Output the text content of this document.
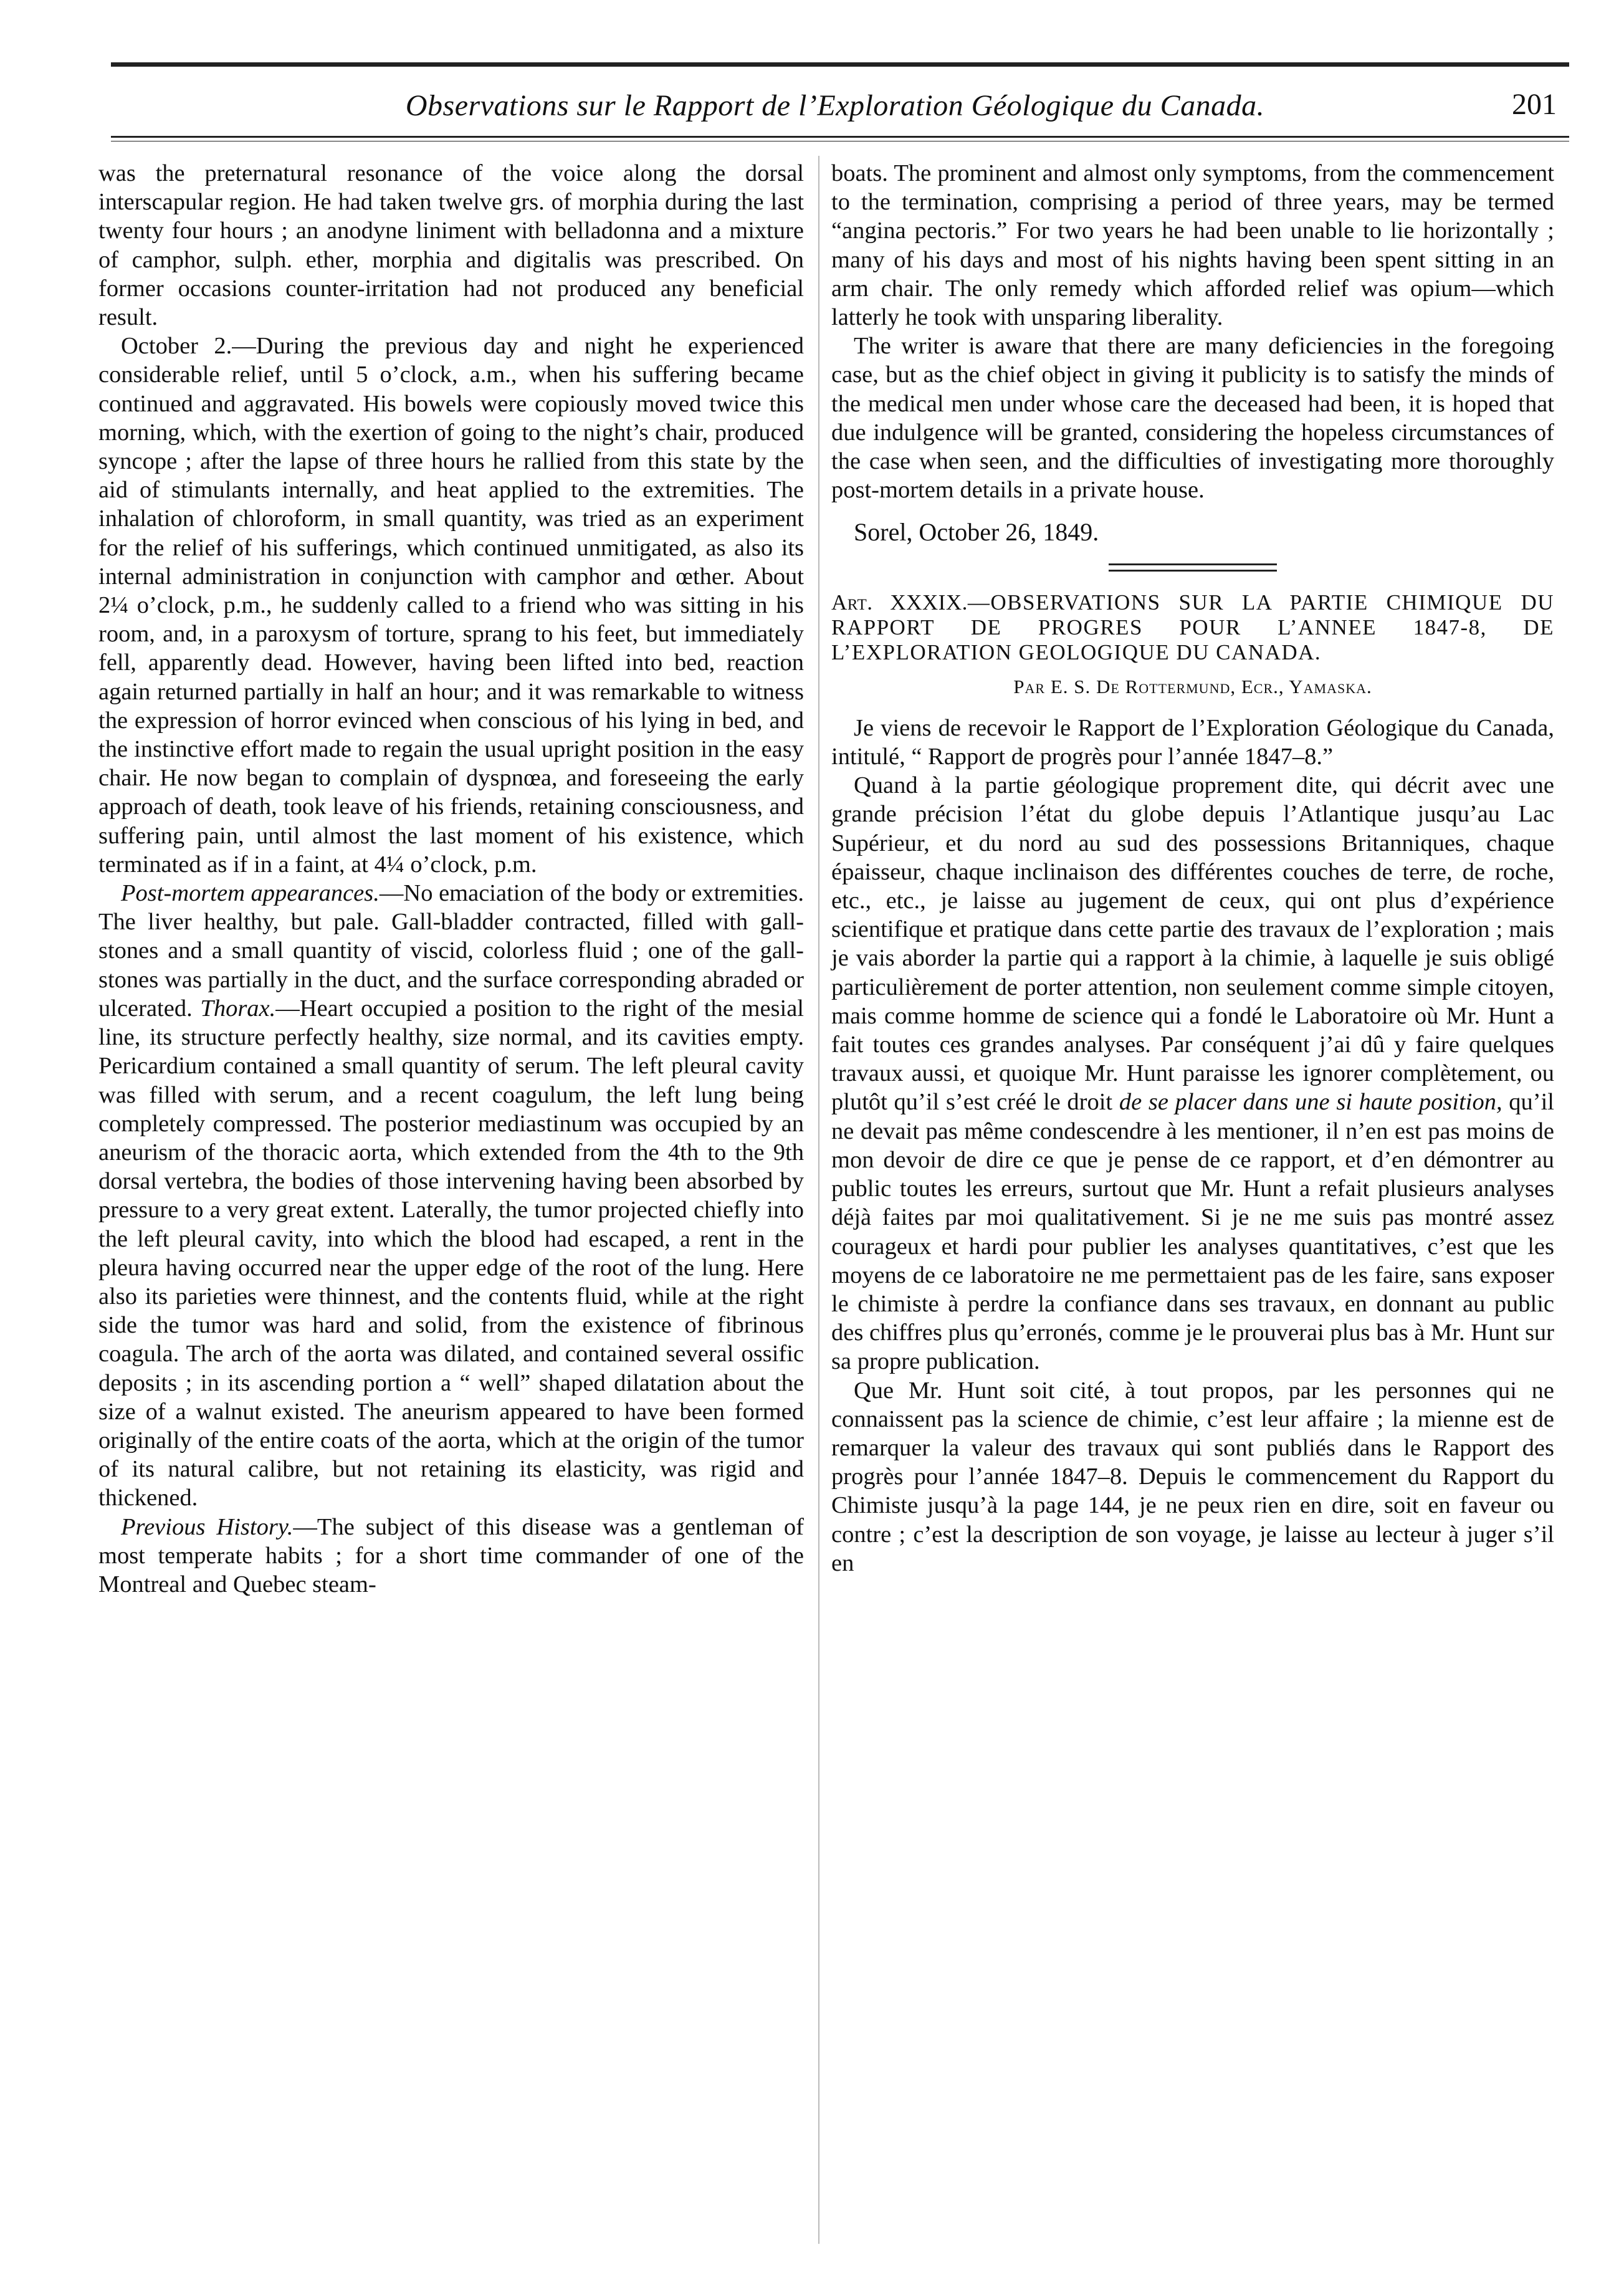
Observations sur le Rapport de l’Exploration Géologique du Canada.	201

was the preternatural resonance of the voice along the dorsal interscapular region. He had taken twelve grs. of morphia during the last twenty four hours ; an anodyne liniment with belladonna and a mixture of camphor, sulph. ether, morphia and digitalis was prescribed. On former occasions counter-irritation had not produced any beneficial result.

October 2.—During the previous day and night he experienced considerable relief, until 5 o’clock, a.m., when his suffering became continued and aggravated. His bowels were copiously moved twice this morning, which, with the exertion of going to the night’s chair, produced syncope ; after the lapse of three hours he rallied from this state by the aid of stimulants internally, and heat applied to the extremities. The inhalation of chloroform, in small quantity, was tried as an experiment for the relief of his sufferings, which continued unmitigated, as also its internal administration in conjunction with camphor and œther. About 2¼ o’clock, p.m., he suddenly called to a friend who was sitting in his room, and, in a paroxysm of torture, sprang to his feet, but immediately fell, apparently dead. However, having been lifted into bed, reaction again returned partially in half an hour; and it was remarkable to witness the expression of horror evinced when conscious of his lying in bed, and the instinctive effort made to regain the usual upright position in the easy chair. He now began to complain of dyspnœa, and foreseeing the early approach of death, took leave of his friends, retaining consciousness, and suffering pain, until almost the last moment of his existence, which terminated as if in a faint, at 4¼ o’clock, p.m.

Post-mortem appearances.—No emaciation of the body or extremities. The liver healthy, but pale. Gall-bladder contracted, filled with gall-stones and a small quantity of viscid, colorless fluid ; one of the gall-stones was partially in the duct, and the surface corresponding abraded or ulcerated. Thorax.—Heart occupied a position to the right of the mesial line, its structure perfectly healthy, size normal, and its cavities empty. Pericardium contained a small quantity of serum. The left pleural cavity was filled with serum, and a recent coagulum, the left lung being completely compressed. The posterior mediastinum was occupied by an aneurism of the thoracic aorta, which extended from the 4th to the 9th dorsal vertebra, the bodies of those intervening having been absorbed by pressure to a very great extent. Laterally, the tumor projected chiefly into the left pleural cavity, into which the blood had escaped, a rent in the pleura having occurred near the upper edge of the root of the lung. Here also its parieties were thinnest, and the contents fluid, while at the right side the tumor was hard and solid, from the existence of fibrinous coagula. The arch of the aorta was dilated, and contained several ossific deposits ; in its ascending portion a “ well” shaped dilatation about the size of a walnut existed. The aneurism appeared to have been formed originally of the entire coats of the aorta, which at the origin of the tumor of its natural calibre, but not retaining its elasticity, was rigid and thickened.

Previous History.—The subject of this disease was a gentleman of most temperate habits ; for a short time commander of one of the Montreal and Quebec steam-

boats. The prominent and almost only symptoms, from the commencement to the termination, comprising a period of three years, may be termed “angina pectoris.” For two years he had been unable to lie horizontally ; many of his days and most of his nights having been spent sitting in an arm chair. The only remedy which afforded relief was opium—which latterly he took with unsparing liberality.

The writer is aware that there are many deficiencies in the foregoing case, but as the chief object in giving it publicity is to satisfy the minds of the medical men under whose care the deceased had been, it is hoped that due indulgence will be granted, considering the hopeless circumstances of the case when seen, and the difficulties of investigating more thoroughly post-mortem details in a private house.

Sorel, October 26, 1849.

Art. XXXIX.—OBSERVATIONS SUR LA PARTIE CHIMIQUE DU RAPPORT DE PROGRES POUR L’ANNEE 1847-8, DE L’EXPLORATION GEOLOGIQUE DU CANADA.
Par E. S. De Rottermund, Ecr., Yamaska.

Je viens de recevoir le Rapport de l’Exploration Géologique du Canada, intitulé, “ Rapport de progrès pour l’année 1847–8.”

Quand à la partie géologique proprement dite, qui décrit avec une grande précision l’état du globe depuis l’Atlantique jusqu’au Lac Supérieur, et du nord au sud des possessions Britanniques, chaque épaisseur, chaque inclinaison des différentes couches de terre, de roche, etc., etc., je laisse au jugement de ceux, qui ont plus d’expérience scientifique et pratique dans cette partie des travaux de l’exploration ; mais je vais aborder la partie qui a rapport à la chimie, à laquelle je suis obligé particulièrement de porter attention, non seulement comme simple citoyen, mais comme homme de science qui a fondé le Laboratoire où Mr. Hunt a fait toutes ces grandes analyses. Par conséquent j’ai dû y faire quelques travaux aussi, et quoique Mr. Hunt paraisse les ignorer complètement, ou plutôt qu’il s’est créé le droit de se placer dans une si haute position, qu’il ne devait pas même condescendre à les mentioner, il n’en est pas moins de mon devoir de dire ce que je pense de ce rapport, et d’en démontrer au public toutes les erreurs, surtout que Mr. Hunt a refait plusieurs analyses déjà faites par moi qualitativement. Si je ne me suis pas montré assez courageux et hardi pour publier les analyses quantitatives, c’est que les moyens de ce laboratoire ne me permettaient pas de les faire, sans exposer le chimiste à perdre la confiance dans ses travaux, en donnant au public des chiffres plus qu’erronés, comme je le prouverai plus bas à Mr. Hunt sur sa propre publication.

Que Mr. Hunt soit cité, à tout propos, par les personnes qui ne connaissent pas la science de chimie, c’est leur affaire ; la mienne est de remarquer la valeur des travaux qui sont publiés dans le Rapport des progrès pour l’année 1847–8. Depuis le commencement du Rapport du Chimiste jusqu’à la page 144, je ne peux rien en dire, soit en faveur ou contre ; c’est la description de son voyage, je laisse au lecteur à juger s’il en
